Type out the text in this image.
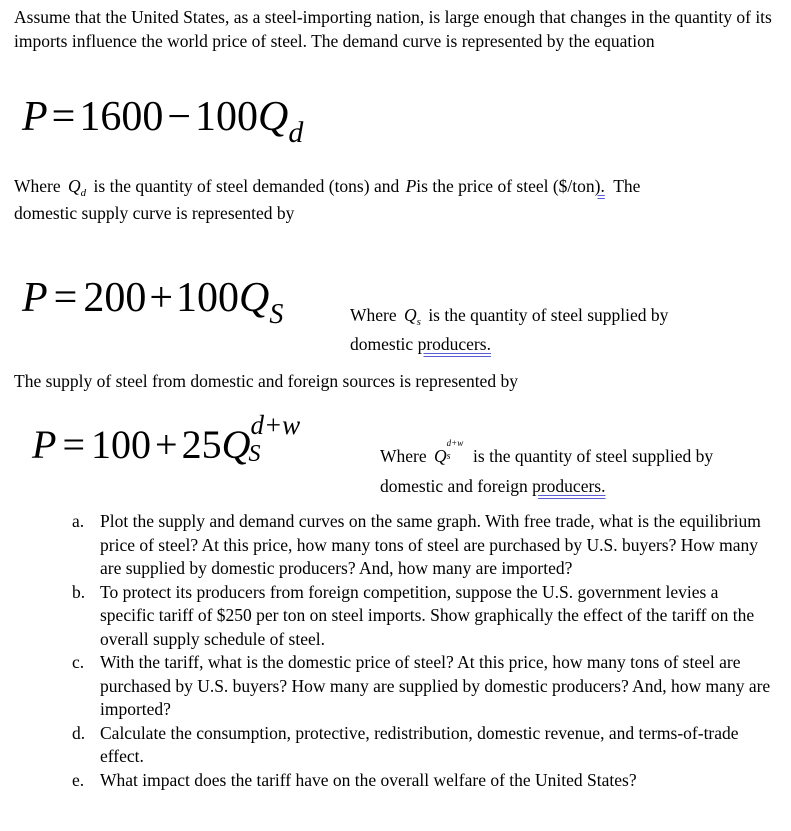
Assume that the United States, as a steel-importing nation, is large enough that changes in the quantity of its imports influence the world price of steel. The demand curve is represented by the equation
$P=1600-100Q_d$
Where $Q_d$ is the quantity of steel demanded (tons) and Pis the price of steel ($/ton). The
domestic supply curve is represented by
$P = 200+100Q_S$	Where $Q_s$ is the quantity of steel supplied by
domestic producers.
The supply of steel from domestic and foreign sources is represented by
P = 100 + 25Q d+w
S	Where Q
d+w
s is the quantity of steel supplied by
domestic and foreign producers.
a. Plot the supply and demand curves on the same graph. With free trade, what is the equilibrium price of steel? At this price, how many tons of steel are purchased by U.S. buyers? How many are supplied by domestic producers? And, how many are imported?
b. To protect its producers from foreign competition, suppose the U.S. government levies a specific tariff of $250 per ton on steel imports. Show graphically the effect of the tariff on the overall supply schedule of steel.
c. With the tariff, what is the domestic price of steel? At this price, how many tons of steel are purchased by U.S. buyers? How many are supplied by domestic producers? And, how many are imported?
d. Calculate the consumption, protective, redistribution, domestic revenue, and terms-of-trade effect.
e. What impact does the tariff have on the overall welfare of the United States?
